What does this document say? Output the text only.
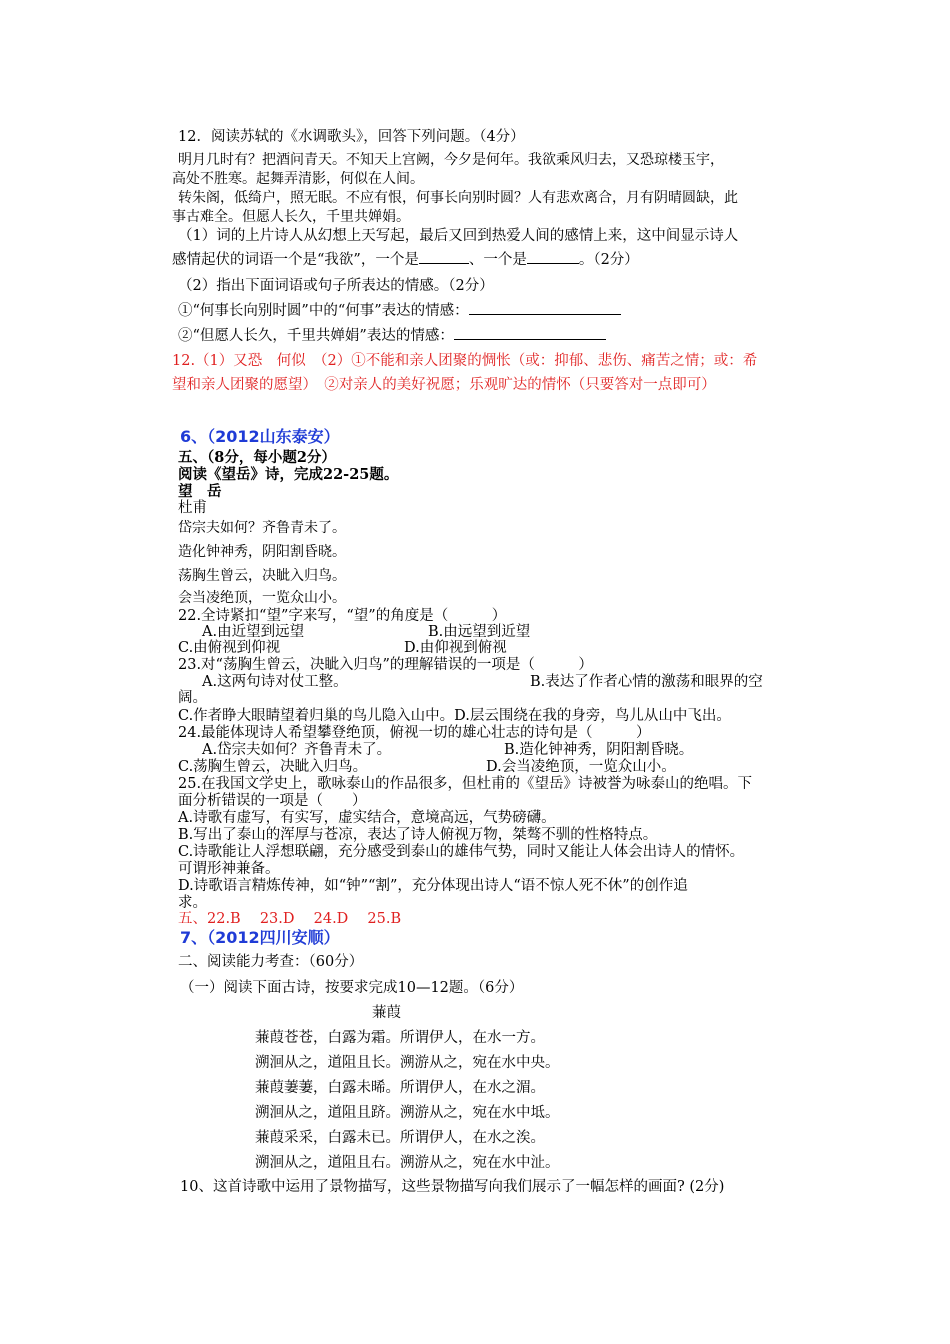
12．阅读苏轼的《水调歌头》，回答下列问题。（4分）
明月几时有？把酒问青天。不知天上宫阙，今夕是何年。我欲乘风归去，又恐琼楼玉宇，
高处不胜寒。起舞弄清影，何似在人间。
转朱阁，低绮户，照无眠。不应有恨，何事长向别时圆？人有悲欢离合，月有阴晴圆缺，此
事古难全。但愿人长久，千里共婵娟。
（1）词的上片诗人从幻想上天写起，最后又回到热爱人间的感情上来，这中间显示诗人
感情起伏的词语一个是“我欲”，一个是	、一个是	。（2分）
（2）指出下面词语或句子所表达的情感。（2分）
①“何事长向别时圆”中的“何事”表达的情感：
②“但愿人长久，千里共婵娟”表达的情感：
12.（1）又恐　何似　（2）①不能和亲人团聚的惆怅（或：抑郁、悲伤、痛苦之情；或：希
望和亲人团聚的愿望）　②对亲人的美好祝愿；乐观旷达的情怀（只要答对一点即可）
6、（2012山东泰安）
五、（8分，每小题2分）
阅读《望岳》诗，完成22-25题。
望　岳
杜甫
岱宗夫如何？齐鲁青未了。
造化钟神秀，阴阳割昏晓。
荡胸生曾云，决眦入归鸟。
会当凌绝顶，一览众山小。
22.全诗紧扣“望”字来写，“望”的角度是（　　　）
A.由近望到远望	B.由远望到近望
C.由俯视到仰视	D.由仰视到俯视
23.对“荡胸生曾云，决眦入归鸟”的理解错误的一项是（　　　）
A.这两句诗对仗工整。	B.表达了作者心情的激荡和眼界的空
阔。
C.作者睁大眼睛望着归巢的鸟儿隐入山中。D.层云围绕在我的身旁，鸟儿从山中飞出。
24.最能体现诗人希望攀登绝顶，俯视一切的雄心壮志的诗句是（　　　）
A.岱宗夫如何？齐鲁青未了。	B.造化钟神秀，阴阳割昏晓。
C.荡胸生曾云，决眦入归鸟。	D.会当凌绝顶，一览众山小。
25.在我国文学史上，歌咏泰山的作品很多，但杜甫的《望岳》诗被誉为咏泰山的绝唱。下
面分析错误的一项是（　　）
A.诗歌有虚写，有实写，虚实结合，意境高远，气势磅礴。
B.写出了泰山的浑厚与苍凉，表达了诗人俯视万物，桀骜不驯的性格特点。
C.诗歌能让人浮想联翩，充分感受到泰山的雄伟气势，同时又能让人体会出诗人的情怀。
可谓形神兼备。
D.诗歌语言精炼传神，如“钟”“割”，充分体现出诗人“语不惊人死不休”的创作追
求。
五、22.B　 23.D　 24.D　 25.B
7、（2012四川安顺）
二、阅读能力考查：（60分）
（一）阅读下面古诗，按要求完成10—12题。（6分）
蒹葭
蒹葭苍苍，白露为霜。所谓伊人，在水一方。
溯洄从之，道阻且长。溯游从之，宛在水中央。
蒹葭萋萋，白露未晞。所谓伊人，在水之湄。
溯洄从之，道阻且跻。溯游从之，宛在水中坻。
蒹葭采采，白露未已。所谓伊人，在水之涘。
溯洄从之，道阻且右。溯游从之，宛在水中沚。
10、这首诗歌中运用了景物描写，这些景物描写向我们展示了一幅怎样的画面? (2分)
